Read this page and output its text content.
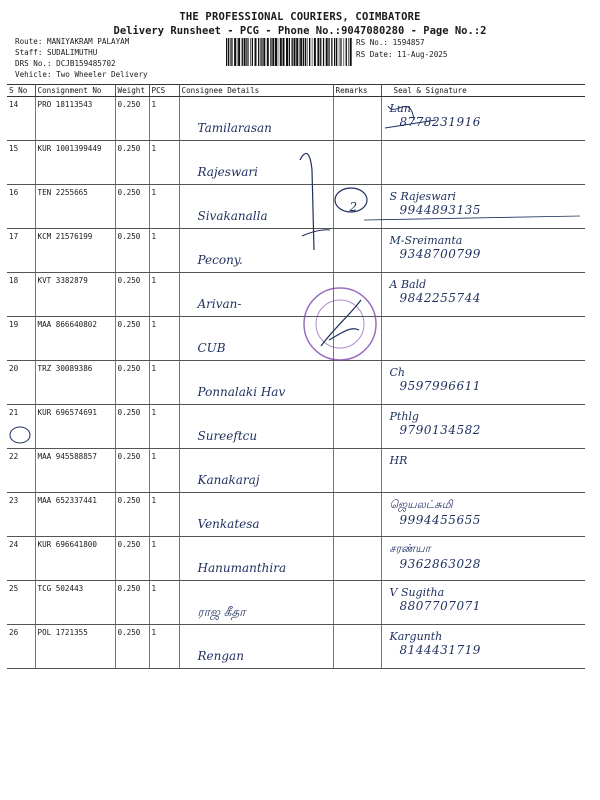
THE PROFESSIONAL COURIERS, COIMBATORE
Delivery Runsheet - PCG - Phone No.:9047080280 - Page No.:2
Route: MANIYAKRAM PALAYAM
Staff: SUDALIMUTHU
DRS No.: DCJB159485702
Vehicle: Two Wheeler Delivery
RS No.: 1594857
RS Date: 11-Aug-2025
S No	Consignment No	Weight	PCS	Consignee Details	Remarks	Seal & Signature
14	PRO 18113543	0.250	1	Tamilarasan		Lun
8778231916

15	KUR 1001399449	0.250	1	Rajeswari		

16	TEN 2255665	0.250	1	Sivakanalla	2	S Rajeswari
9944893135

17	KCM 21576199	0.250	1	Pecony.		M-Sreimanta
9348700799

18	KVT 3382879	0.250	1	Arivan-		A Bald
9842255744

19	MAA 866640802	0.250	1	CUB		

20	TRZ 30089386	0.250	1	Ponnalaki Hav		Ch
9597996611

21	KUR 696574691	0.250	1	Sureeftcu		Pthlg
9790134582

22	MAA 945588857	0.250	1	Kanakaraj		HR

23	MAA 652337441	0.250	1	Venkatesa		ஜெயலட்சுமி
9994455655

24	KUR 696641800	0.250	1	Hanumanthira		சரண்யா
9362863028

25	TCG 502443	0.250	1	ராஜ கீதா		V Sugitha
8807707071

26	POL 1721355	0.250	1	Rengan		Kargunth
8144431719
